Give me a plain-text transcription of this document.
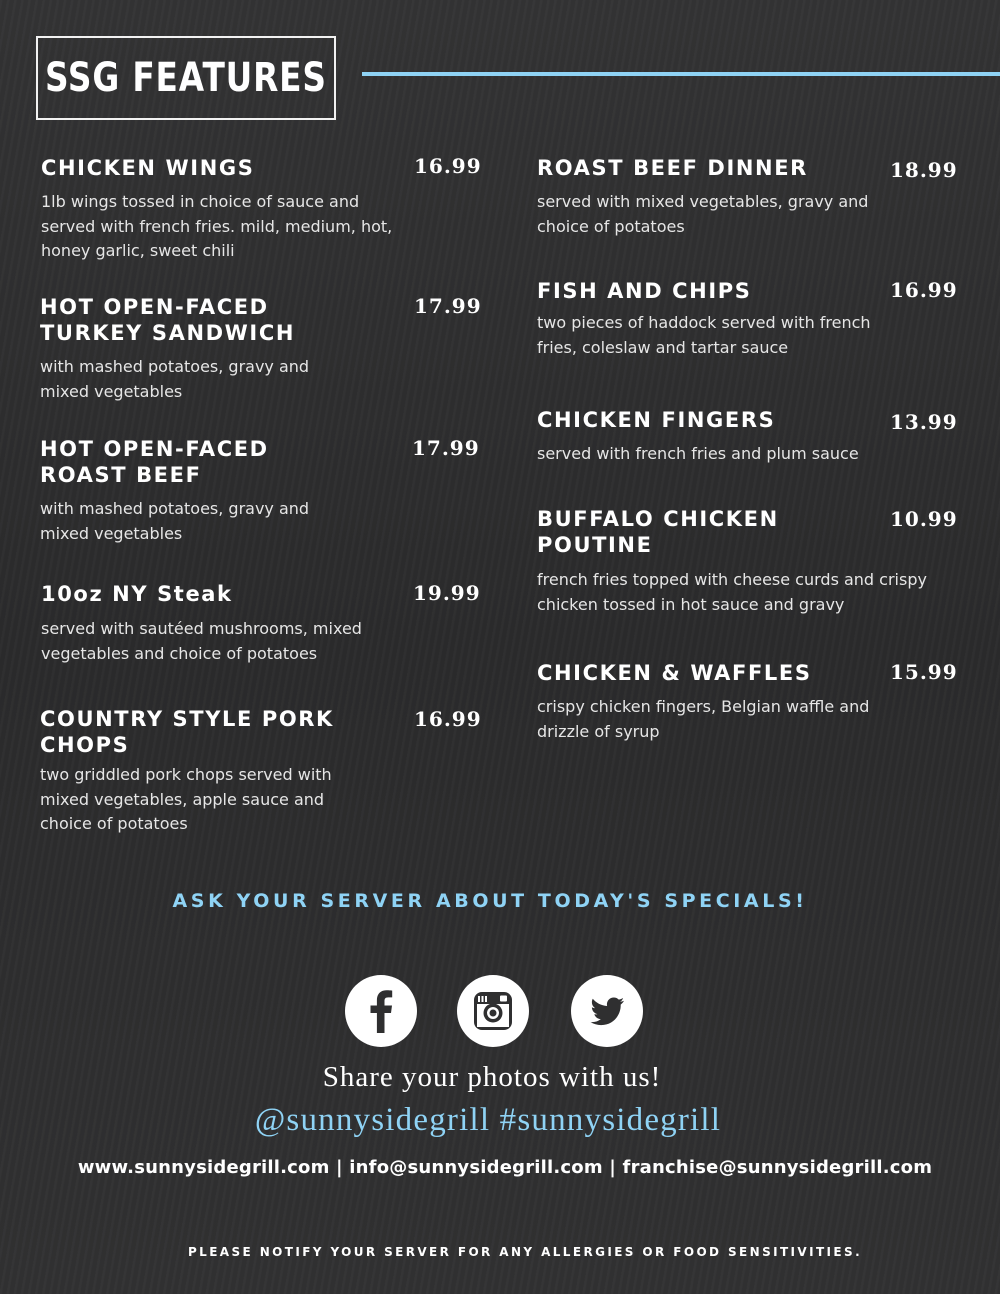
SSG FEATURES

CHICKEN WINGS

1lb wings tossed in choice of sauce and served with french fries. mild, medium, hot, honey garlic, sweet chili

16.99

HOT OPEN-FACED TURKEY SANDWICH

with mashed potatoes, gravy and mixed vegetables

17.99

HOT OPEN-FACED ROAST BEEF

with mashed potatoes, gravy and mixed vegetables

17.99

10oz NY Steak

served with sautéed mushrooms, mixed vegetables and choice of potatoes

19.99

COUNTRY STYLE PORK CHOPS

two griddled pork chops served with mixed vegetables, apple sauce and choice of potatoes

16.99

ROAST BEEF DINNER

served with mixed vegetables, gravy and choice of potatoes

18.99

FISH AND CHIPS

two pieces of haddock served with french fries, coleslaw and tartar sauce

16.99

CHICKEN FINGERS

served with french fries and plum sauce

13.99

BUFFALO CHICKEN POUTINE

french fries topped with cheese curds and crispy chicken tossed in hot sauce and gravy

10.99

CHICKEN & WAFFLES

crispy chicken fingers, Belgian waffle and drizzle of syrup

15.99
ASK YOUR SERVER ABOUT TODAY'S SPECIALS!
Share your photos with us!
@sunnysidegrill #sunnysidegrill
www.sunnysidegrill.com | info@sunnysidegrill.com | franchise@sunnysidegrill.com
PLEASE NOTIFY YOUR SERVER FOR ANY ALLERGIES OR FOOD SENSITIVITIES.
